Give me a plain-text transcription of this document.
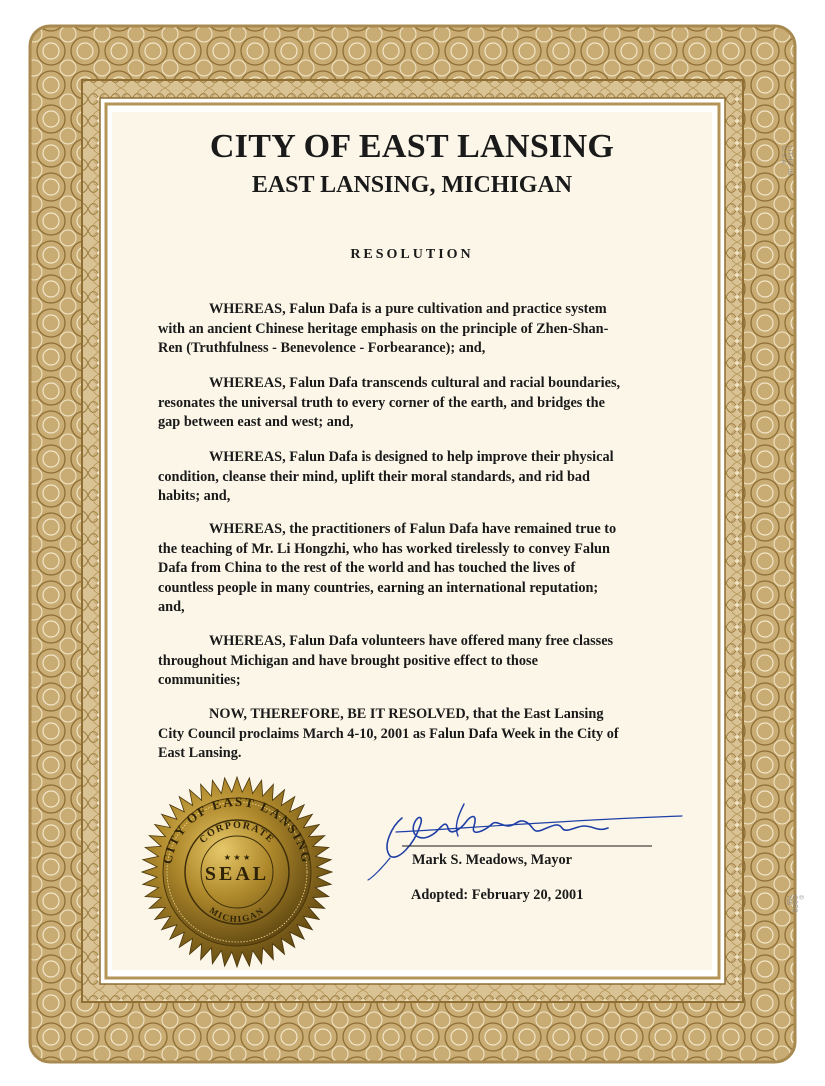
CITY OF EAST LANSING
EAST LANSING, MICHIGAN
RESOLUTION
WHEREAS, Falun Dafa is a pure cultivation and practice system
with an ancient Chinese heritage emphasis on the principle of Zhen-Shan-
Ren (Truthfulness - Benevolence - Forbearance); and,
WHEREAS, Falun Dafa transcends cultural and racial boundaries,
resonates the universal truth to every corner of the earth, and bridges the
gap between east and west; and,
WHEREAS, Falun Dafa is designed to help improve their physical
condition, cleanse their mind, uplift their moral standards, and rid bad
habits; and,
WHEREAS, the practitioners of Falun Dafa have remained true to
the teaching of Mr. Li Hongzhi, who has worked tirelessly to convey Falun
Dafa from China to the rest of the world and has touched the lives of
countless people in many countries, earning an international reputation;
and,
WHEREAS, Falun Dafa volunteers have offered many free classes
throughout Michigan and have brought positive effect to those
communities;
NOW, THEREFORE, BE IT RESOLVED, that the East Lansing
City Council proclaims March 4-10, 2001 as Falun Dafa Week in the City of
East Lansing.
CITY OF EAST LANSING
CORPORATE
SEAL
★ ★ ★
MICHIGAN
Mark S. Meadows, Mayor
Adopted: February 20, 2001
LITHO IN U.S.A.
© GOES 755
